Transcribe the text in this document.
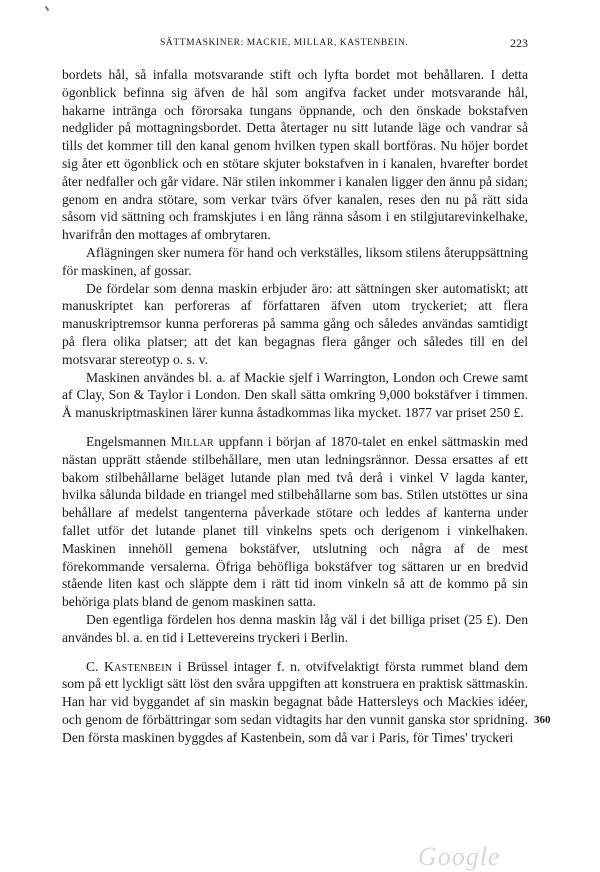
SÄTTMASKINER: MACKIE, MILLAR, KASTENBEIN.	223

bordets hål, så infalla motsvarande stift och lyfta bordet mot behållaren. I detta ögonblick befinna sig äfven de hål som angifva facket under motsvarande hål, hakarne intränga och förorsaka tungans öppnande, och den önskade bokstafven nedglider på mottagningsbordet. Detta återtager nu sitt lutande läge och vandrar så tills det kommer till den kanal genom hvilken typen skall bortföras. Nu höjer bordet sig åter ett ögonblick och en stötare skjuter bokstafven in i kanalen, hvarefter bordet åter nedfaller och går vidare. När stilen inkommer i kanalen ligger den ännu på sidan; genom en andra stötare, som verkar tvärs öfver kanalen, reses den nu på rätt sida såsom vid sättning och framskjutes i en lång ränna såsom i en stilgjutarevinkelhake, hvarifrån den mottages af ombrytaren.

Aflägningen sker numera för hand och verkställes, liksom stilens återuppsättning för maskinen, af gossar.

De fördelar som denna maskin erbjuder äro: att sättningen sker automatiskt; att manuskriptet kan perforeras af författaren äfven utom tryckeriet; att flera manuskriptremsor kunna perforeras på samma gång och således användas samtidigt på flera olika platser; att det kan begagnas flera gånger och således till en del motsvarar stereotyp o. s. v.

Maskinen användes bl. a. af Mackie sjelf i Warrington, London och Crewe samt af Clay, Son & Taylor i London. Den skall sätta omkring 9,000 bokstäfver i timmen. Å manuskriptmaskinen lärer kunna åstadkommas lika mycket. 1877 var priset 250 £.

Engelsmannen Millar uppfann i början af 1870-talet en enkel sättmaskin med nästan upprätt stående stilbehållare, men utan ledningsrännor. Dessa ersattes af ett bakom stilbehållarne beläget lutande plan med två derå i vinkel V lagda kanter, hvilka sålunda bildade en triangel med stilbehållarne som bas. Stilen utstöttes ur sina behållare af medelst tangenterna påverkade stötare och leddes af kanterna under fallet utför det lutande planet till vinkelns spets och derigenom i vinkelhaken. Maskinen innehöll gemena bokstäfver, utslutning och några af de mest förekommande versalerna. Öfriga behöfliga bokstäfver tog sättaren ur en bredvid stående liten kast och släppte dem i rätt tid inom vinkeln så att de kommo på sin behöriga plats bland de genom maskinen satta.

Den egentliga fördelen hos denna maskin låg väl i det billiga priset (25 £). Den användes bl. a. en tid i Lettevereins tryckeri i Berlin.

C. Kastenbein i Brüssel intager f. n. otvifvelaktigt första rummet bland dem som på ett lyckligt sätt löst den svåra uppgiften att konstruera en praktisk sättmaskin. Han har vid byggandet af sin maskin begagnat både Hattersleys och Mackies idéer, och genom de förbättringar som sedan vidtagits har den vunnit ganska stor spridning. Den första maskinen byggdes af Kastenbein, som då var i Paris, för Times' tryckeri

360
Google
